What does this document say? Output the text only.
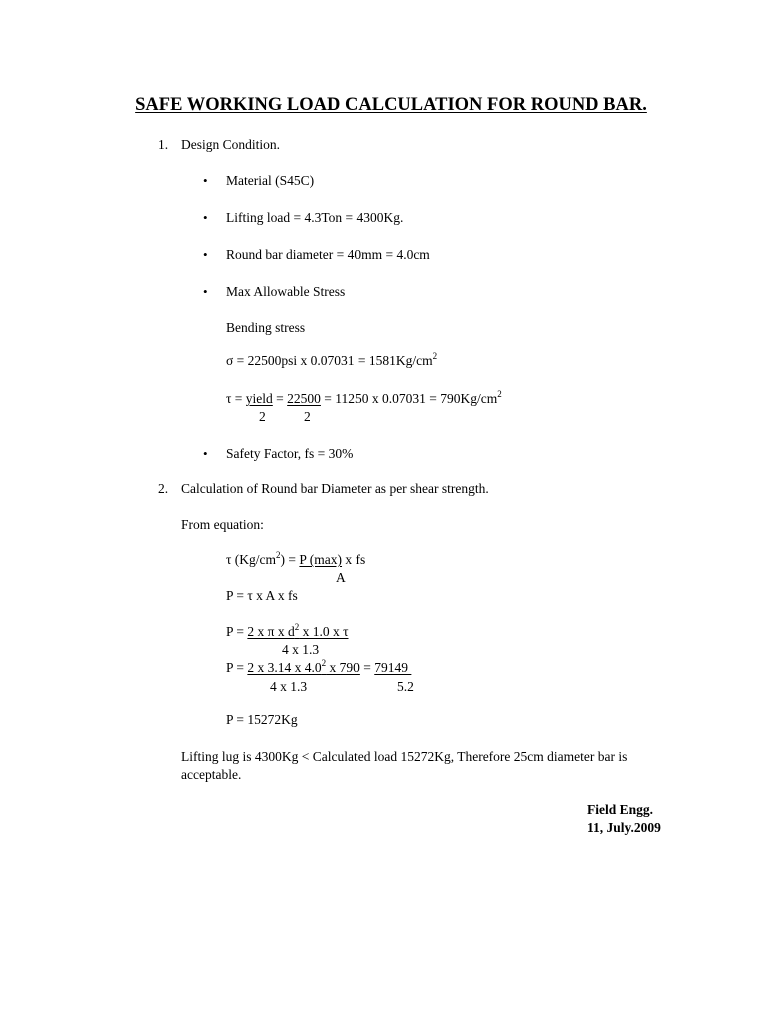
SAFE WORKING LOAD CALCULATION FOR ROUND BAR.
1. Design Condition.
• Material (S45C)
• Lifting load = 4.3Ton = 4300Kg.
• Round bar diameter = 40mm = 4.0cm
• Max Allowable Stress
Bending stress
σ = 22500psi x $0.07031 = 1581Kg/cm^2$
τ = yield = 22500 = 11250 x $0.07031 = 790Kg/cm^2$
2	2
• Safety Factor, fs = 30%
2. Calculation of Round bar Diameter as per shear strength.
From equation:
τ $(Kg/cm^2) = P$ (max) x fs
A
P = τ x A x fs
P = 2 x π x $d^2$ x 1.0 x τ
4 x 1.3
P = 2 x 3.14 x $4.0^2$ x 790 = 79149
4 x 1.3	5.2
P = 15272Kg
Lifting lug is 4300Kg < Calculated load 15272Kg, Therefore 25cm diameter bar is acceptable.
Field Engg.
11, July.2009
